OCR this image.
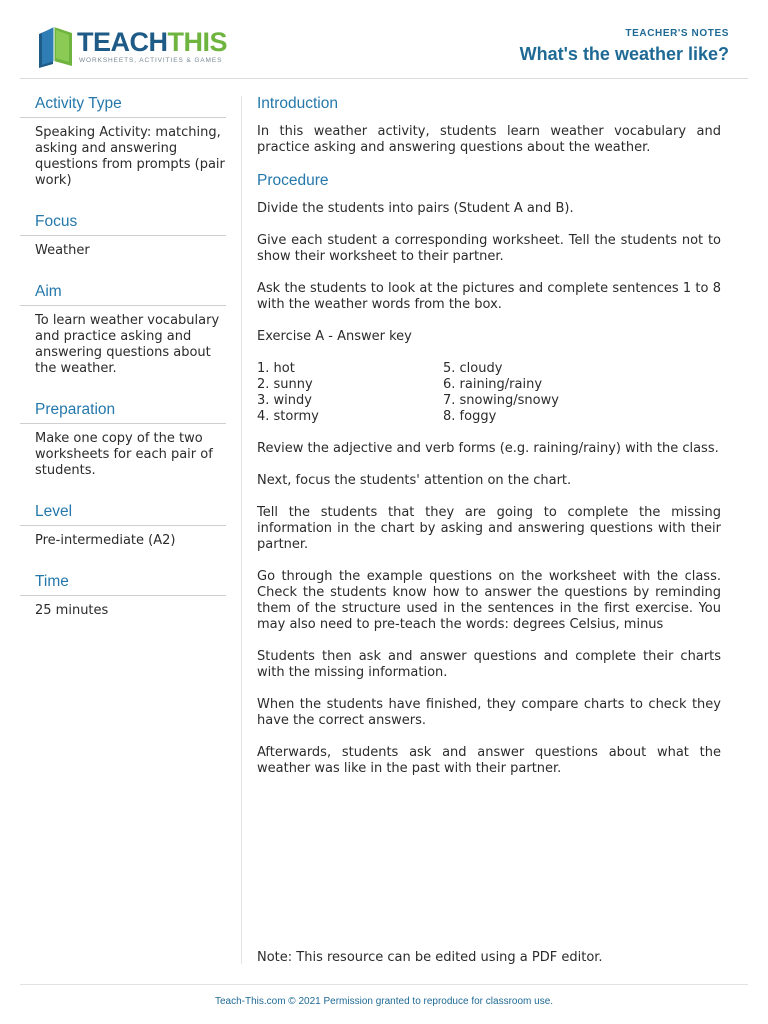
TEACHTHIS
WORKSHEETS, ACTIVITIES & GAMES
TEACHER'S NOTES
What's the weather like?
Activity Type
Speaking Activity: matching, asking and answering questions from prompts (pair work)
Focus
Weather
Aim
To learn weather vocabulary and practice asking and answering questions about the weather.
Preparation
Make one copy of the two worksheets for each pair of students.
Level
Pre-intermediate (A2)
Time
25 minutes
Introduction

In this weather activity, students learn weather vocabulary and practice asking and answering questions about the weather.

Procedure

Divide the students into pairs (Student A and B).

Give each student a corresponding worksheet. Tell the students not to show their worksheet to their partner.

Ask the students to look at the pictures and complete sentences 1 to 8 with the weather words from the box.

Exercise A - Answer key

1. hot
2. sunny
3. windy
4. stormy
5. cloudy
6. raining/rainy
7. snowing/snowy
8. foggy

Review the adjective and verb forms (e.g. raining/rainy) with the class.

Next, focus the students' attention on the chart.

Tell the students that they are going to complete the missing information in the chart by asking and answering questions with their partner.

Go through the example questions on the worksheet with the class. Check the students know how to answer the questions by reminding them of the structure used in the sentences in the first exercise. You may also need to pre-teach the words: degrees Celsius, minus

Students then ask and answer questions and complete their charts with the missing information.

When the students have finished, they compare charts to check they have the correct answers.

Afterwards, students ask and answer questions about what the weather was like in the past with their partner.

Note: This resource can be edited using a PDF editor.
Teach-This.com © 2021 Permission granted to reproduce for classroom use.
